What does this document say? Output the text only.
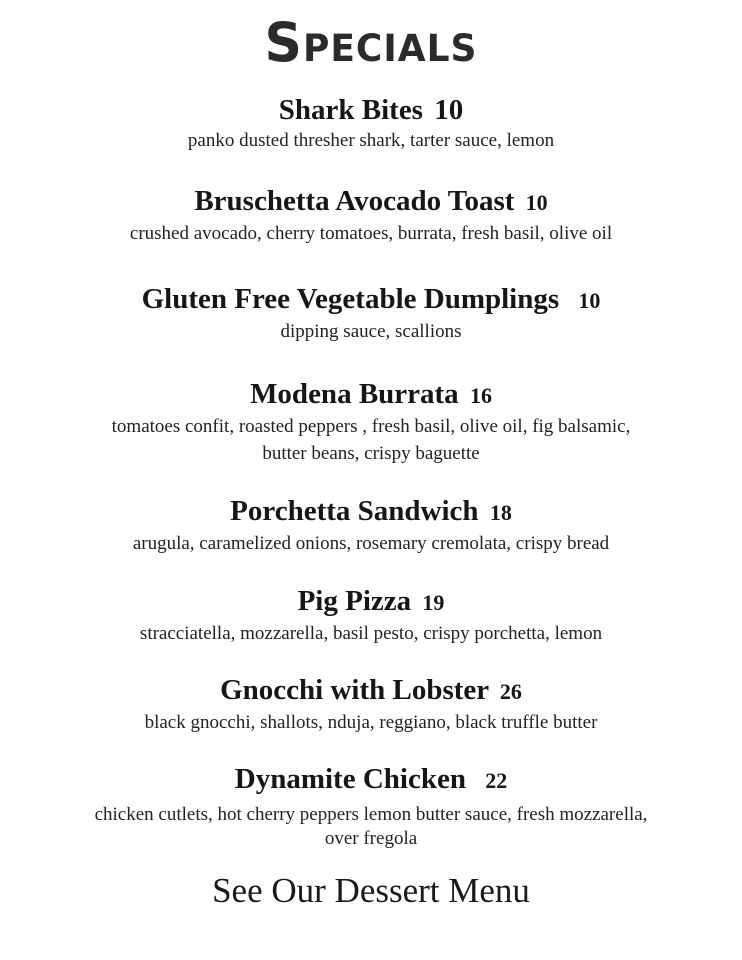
Specials
Shark Bites 10
panko dusted thresher shark, tarter sauce, lemon
Bruschetta Avocado Toast 10
crushed avocado, cherry tomatoes, burrata, fresh basil, olive oil
Gluten Free Vegetable Dumplings 10
dipping sauce, scallions
Modena Burrata 16
tomatoes confit, roasted peppers , fresh basil, olive oil, fig balsamic,
butter beans, crispy baguette
Porchetta Sandwich 18
arugula, caramelized onions, rosemary cremolata, crispy bread
Pig Pizza 19
stracciatella, mozzarella, basil pesto, crispy porchetta, lemon
Gnocchi with Lobster 26
black gnocchi, shallots, nduja, reggiano, black truffle butter
Dynamite Chicken 22
chicken cutlets, hot cherry peppers lemon butter sauce, fresh mozzarella,
over fregola
See Our Dessert Menu
